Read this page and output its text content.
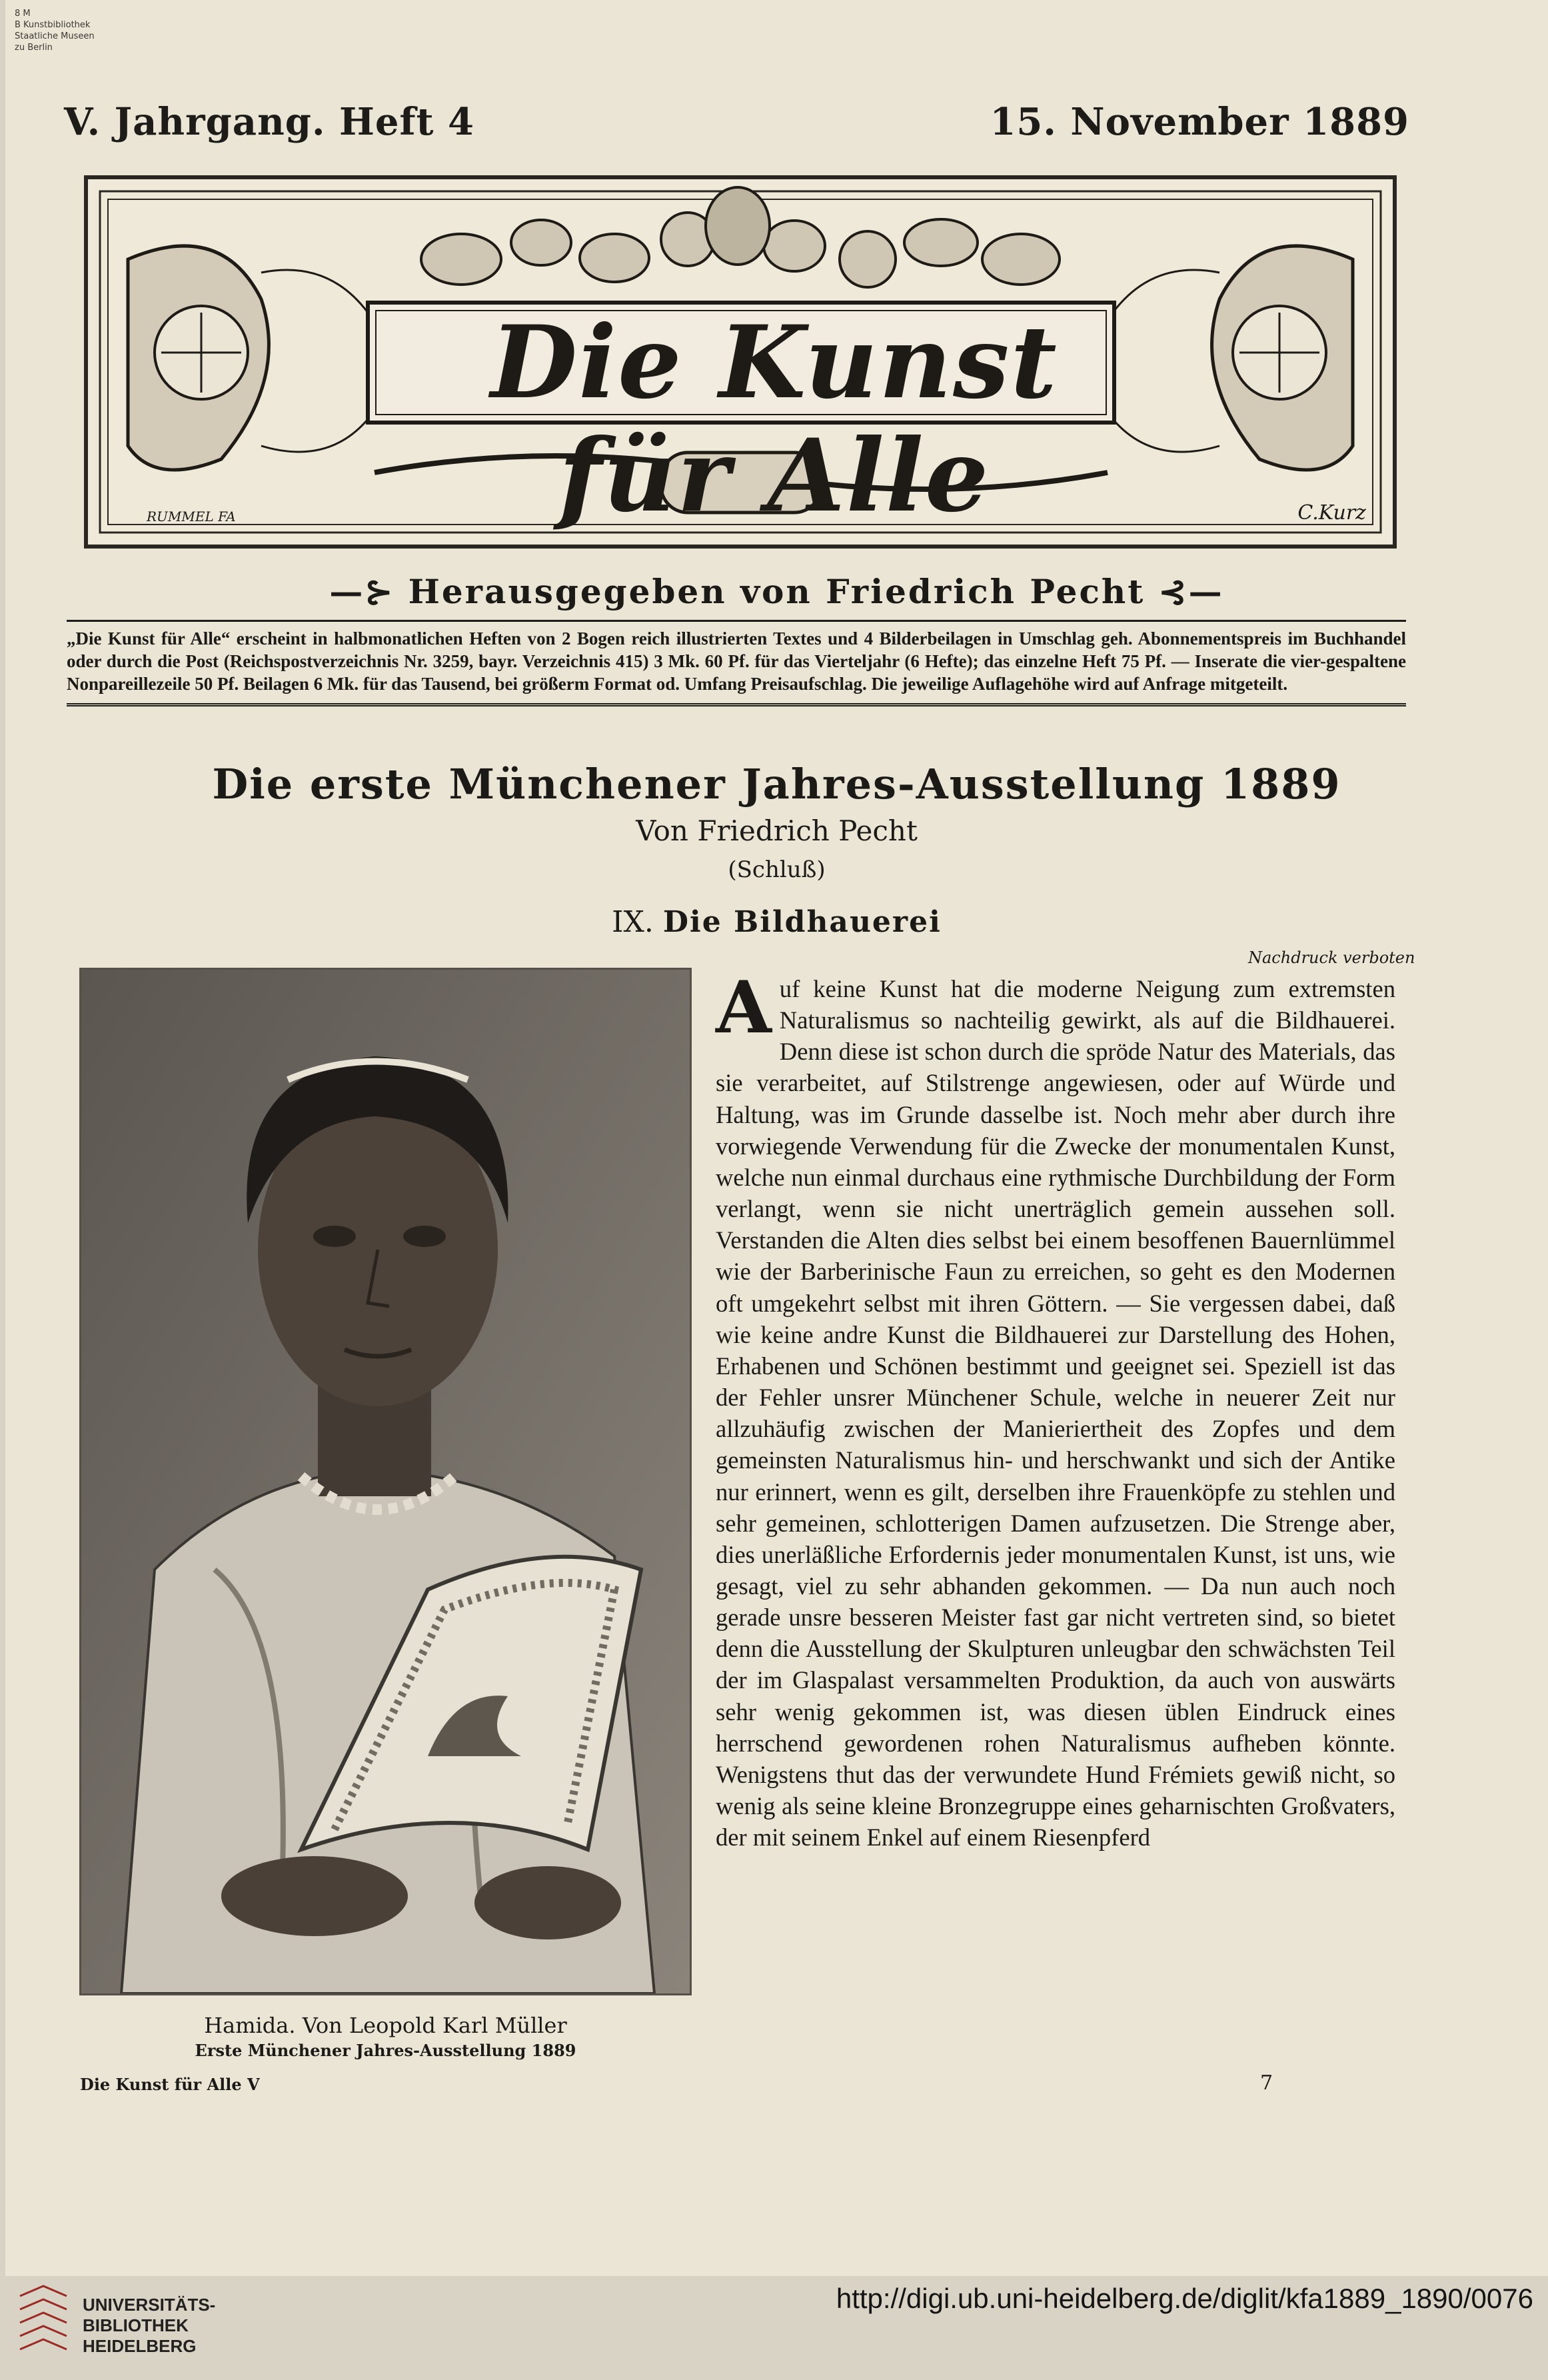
8 M
B Kunstbibliothek
Staatliche Museen
zu Berlin
V. Jahrgang. Heft 4	15. November 1889
Die Kunst für Alle
RUMMEL FA	C.Kurz
—⊱ Herausgegeben von Friedrich Pecht ⊰—
„Die Kunst für Alle“ erscheint in halbmonatlichen Heften von 2 Bogen reich illustrierten Textes und 4 Bilderbeilagen in Umschlag geh. Abonnementspreis im Buchhandel oder durch die Post (Reichspostverzeichnis Nr. 3259, bayr. Verzeichnis 415) 3 Mk. 60 Pf. für das Vierteljahr (6 Hefte); das einzelne Heft 75 Pf. — Inserate die vier-gespaltene Nonpareillezeile 50 Pf. Beilagen 6 Mk. für das Tausend, bei größerm Format od. Umfang Preisaufschlag. Die jeweilige Auflagehöhe wird auf Anfrage mitgeteilt.
Die erste Münchener Jahres-Ausstellung 1889
Von Friedrich Pecht
(Schluß)
IX. Die Bildhauerei
Hamida. Von Leopold Karl Müller
Erste Münchener Jahres-Ausstellung 1889
Die Kunst für Alle V	7
Nachdruck verboten
A uf keine Kunst hat die moderne Neigung zum extremsten Naturalismus so nachteilig gewirkt, als auf die Bildhauerei. Denn diese ist schon durch die spröde Natur des Materials, das sie verarbeitet, auf Stilstrenge angewiesen, oder auf Würde und Haltung, was im Grunde dasselbe ist. Noch mehr aber durch ihre vorwiegende Verwendung für die Zwecke der monumentalen Kunst, welche nun einmal durchaus eine rythmische Durchbildung der Form verlangt, wenn sie nicht unerträglich gemein aussehen soll. Verstanden die Alten dies selbst bei einem besoffenen Bauernlümmel wie der Barberinische Faun zu erreichen, so geht es den Modernen oft umgekehrt selbst mit ihren Göttern. — Sie vergessen dabei, daß wie keine andre Kunst die Bildhauerei zur Darstellung des Hohen, Erhabenen und Schönen bestimmt und geeignet sei. Speziell ist das der Fehler unsrer Münchener Schule, welche in neuerer Zeit nur allzuhäufig zwischen der Manieriertheit des Zopfes und dem gemeinsten Naturalismus hin- und herschwankt und sich der Antike nur erinnert, wenn es gilt, derselben ihre Frauenköpfe zu stehlen und sehr gemeinen, schlotterigen Damen aufzusetzen. Die Strenge aber, dies unerläßliche Erfordernis jeder monumentalen Kunst, ist uns, wie gesagt, viel zu sehr abhanden gekommen. — Da nun auch noch gerade unsre besseren Meister fast gar nicht vertreten sind, so bietet denn die Ausstellung der Skulpturen unleugbar den schwächsten Teil der im Glaspalast versammelten Produktion, da auch von auswärts sehr wenig gekommen ist, was diesen üblen Eindruck eines herrschend gewordenen rohen Naturalismus aufheben könnte. Wenigstens thut das der verwundete Hund Frémiets gewiß nicht, so wenig als seine kleine Bronzegruppe eines geharnischten Großvaters, der mit seinem Enkel auf einem Riesenpferd
UNIVERSITÄTS-
BIBLIOTHEK
HEIDELBERG
http://digi.ub.uni-heidelberg.de/diglit/kfa1889_1890/0076
